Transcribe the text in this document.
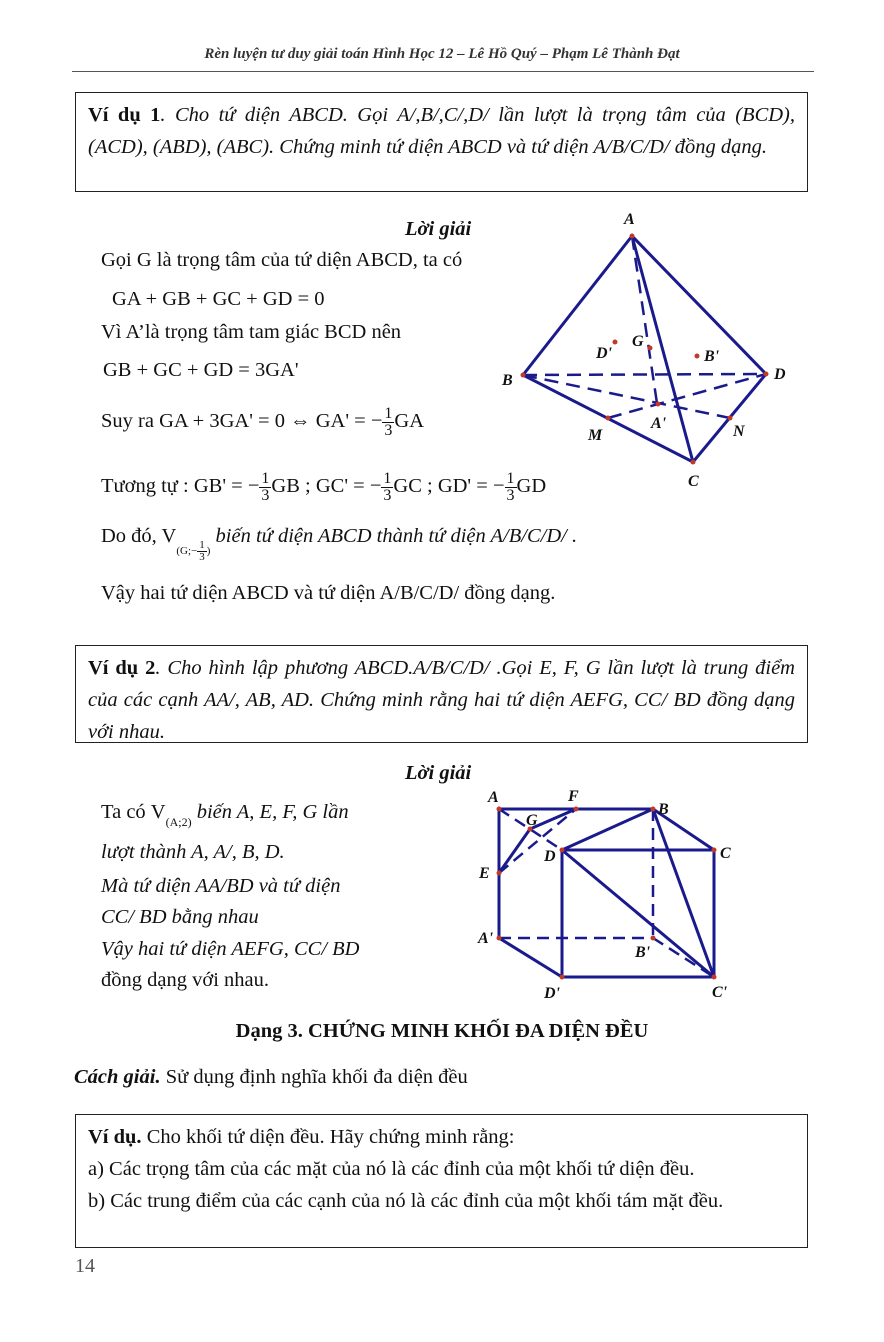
Rèn luyện tư duy giải toán Hình Học 12 – Lê Hồ Quý – Phạm Lê Thành Đạt
Ví dụ 1. Cho tứ diện ABCD. Gọi A/,B/,C/,D/ lần lượt là trọng tâm của (BCD), (ACD), (ABD), (ABC). Chứng minh tứ diện ABCD và tứ diện A/B/C/D/ đồng dạng.
Lời giải
Gọi G là trọng tâm của tứ diện ABCD, ta có
GA + GB + GC + GD = 0
Vì A’là trọng tâm tam giác BCD nên
GB + GC + GD = 3GA'
Suy ra GA + 3GA' = 0 ⇔ GA' = − $\frac{1}{3}$ GA
Tương tự : GB' = − $\frac{1}{3}$ GB ; GC' = − $\frac{1}{3}$ GC ; GD' = − $\frac{1}{3}$ GD
Do đó, $V_{(G;- \frac{1}{3} )}$ biến tứ diện ABCD thành tứ diện A/B/C/D/ .
Vậy hai tứ diện ABCD và tứ diện A/B/C/D/ đồng dạng.
A
B
C
D
G
A'
B'
D'
M	N
Ví dụ 2. Cho hình lập phương ABCD.A/B/C/D/ .Gọi E, F, G lần lượt là trung điểm của các cạnh AA/, AB, AD. Chứng minh rằng hai tứ diện AEFG, CC/ BD đồng dạng với nhau.
Lời giải
Ta có $V_{(A;2)}$ biến A, E, F, G lần
lượt thành A, A/, B, D.
Mà tứ diện AA/BD và tứ diện
CC/ BD bằng nhau
Vậy hai tứ diện AEFG, CC/ BD
đồng dạng với nhau.
A	F
B
G
D	C
E
A'
B'
D'	C'
Dạng 3. CHỨNG MINH KHỐI ĐA DIỆN ĐỀU
Cách giải. Sử dụng định nghĩa khối đa diện đều
Ví dụ. Cho khối tứ diện đều. Hãy chứng minh rằng:
a) Các trọng tâm của các mặt của nó là các đỉnh của một khối tứ diện đều.
b) Các trung điểm của các cạnh của nó là các đỉnh của một khối tám mặt đều.
14
